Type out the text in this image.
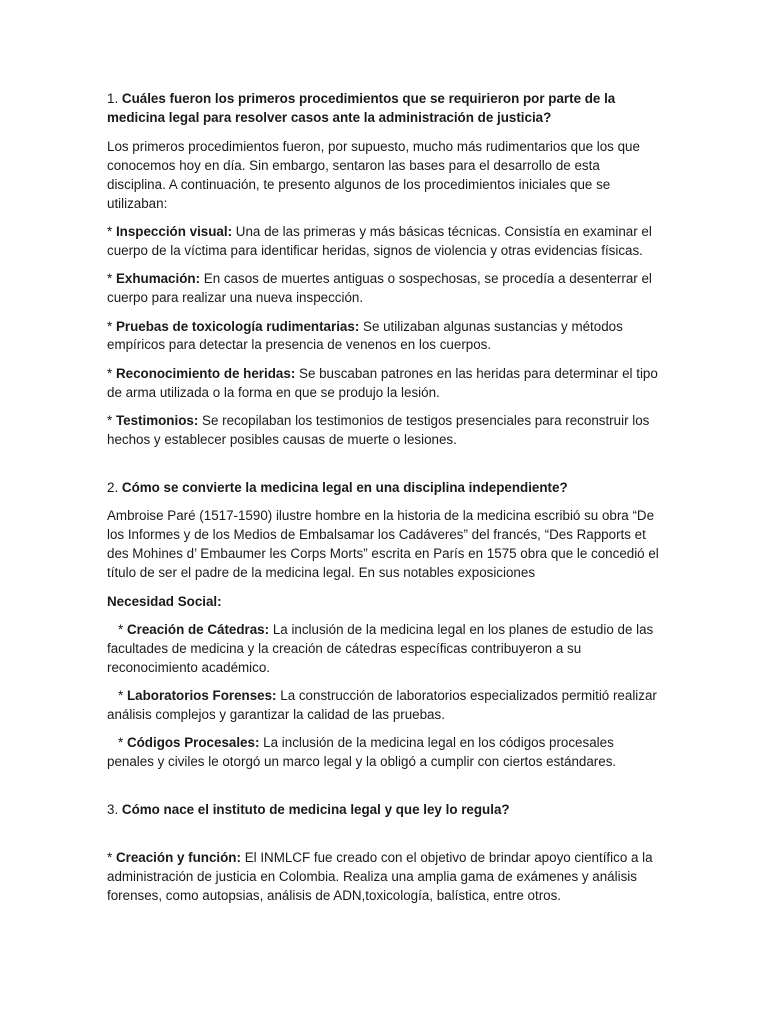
1. Cuáles fueron los primeros procedimientos que se requirieron por parte de la medicina legal para resolver casos ante la administración de justicia?

Los primeros procedimientos fueron, por supuesto, mucho más rudimentarios que los que conocemos hoy en día. Sin embargo, sentaron las bases para el desarrollo de esta disciplina. A continuación, te presento algunos de los procedimientos iniciales que se utilizaban:

* Inspección visual: Una de las primeras y más básicas técnicas. Consistía en examinar el cuerpo de la víctima para identificar heridas, signos de violencia y otras evidencias físicas.

* Exhumación: En casos de muertes antiguas o sospechosas, se procedía a desenterrar el cuerpo para realizar una nueva inspección.

* Pruebas de toxicología rudimentarias: Se utilizaban algunas sustancias y métodos empíricos para detectar la presencia de venenos en los cuerpos.

* Reconocimiento de heridas: Se buscaban patrones en las heridas para determinar el tipo de arma utilizada o la forma en que se produjo la lesión.

* Testimonios: Se recopilaban los testimonios de testigos presenciales para reconstruir los hechos y establecer posibles causas de muerte o lesiones.

2. Cómo se convierte la medicina legal en una disciplina independiente?

Ambroise Paré (1517-1590) ilustre hombre en la historia de la medicina escribió su obra “De los Informes y de los Medios de Embalsamar los Cadáveres” del francés, “Des Rapports et des Mohines d’ Embaumer les Corps Morts” escrita en París en 1575 obra que le concedió el título de ser el padre de la medicina legal. En sus notables exposiciones

Necesidad Social:

* Creación de Cátedras: La inclusión de la medicina legal en los planes de estudio de las facultades de medicina y la creación de cátedras específicas contribuyeron a su reconocimiento académico.

* Laboratorios Forenses: La construcción de laboratorios especializados permitió realizar análisis complejos y garantizar la calidad de las pruebas.

* Códigos Procesales: La inclusión de la medicina legal en los códigos procesales penales y civiles le otorgó un marco legal y la obligó a cumplir con ciertos estándares.

3. Cómo nace el instituto de medicina legal y que ley lo regula?

* Creación y función: El INMLCF fue creado con el objetivo de brindar apoyo científico a la administración de justicia en Colombia. Realiza una amplia gama de exámenes y análisis forenses, como autopsias, análisis de ADN,toxicología, balística, entre otros.
